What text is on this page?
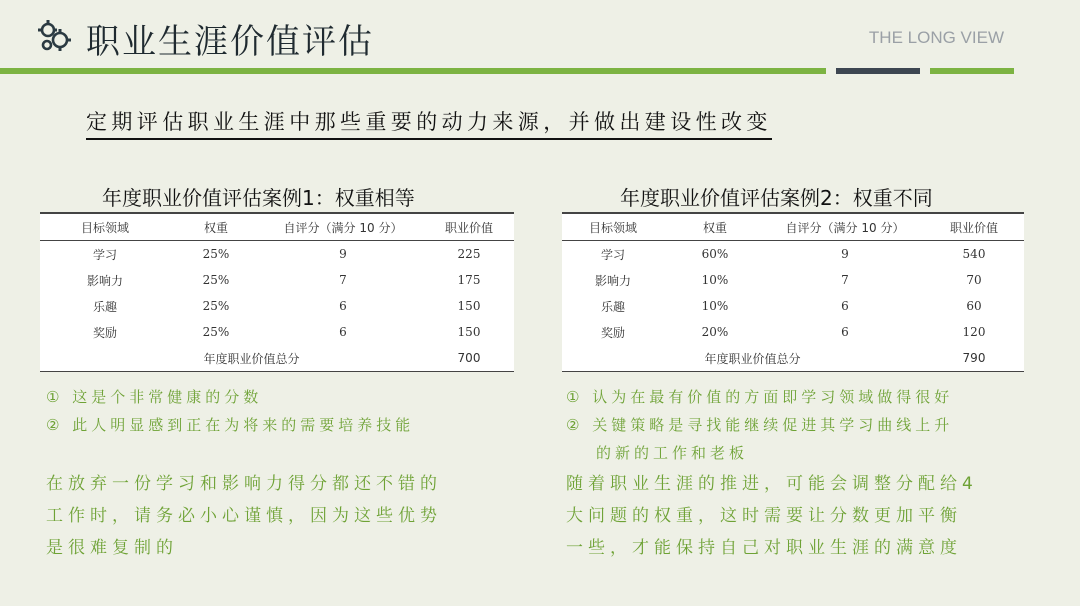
职业生涯价值评估	THE LONG VIEW
定期评估职业生涯中那些重要的动力来源，并做出建设性改变
年度职业价值评估案例1：权重相等	年度职业价值评估案例2：权重不同
目标领域	权重	自评分（满分 10 分）	职业价值
学习	25%	9	225
影响力	25%	7	175
乐趣	25%	6	150
奖励	25%	6	150
年度职业价值总分			700
目标领域	权重	自评分（满分 10 分）	职业价值
学习	60%	9	540
影响力	10%	7	70
乐趣	10%	6	60
奖励	20%	6	120
年度职业价值总分			790
① 这是个非常健康的分数
② 此人明显感到正在为将来的需要培养技能
① 认为在最有价值的方面即学习领域做得很好
② 关键策略是寻找能继续促进其学习曲线上升
的新的工作和老板
在放弃一份学习和影响力得分都还不错的
工作时，请务必小心谨慎，因为这些优势
是很难复制的
随着职业生涯的推进，可能会调整分配给4
大问题的权重，这时需要让分数更加平衡
一些，才能保持自己对职业生涯的满意度
